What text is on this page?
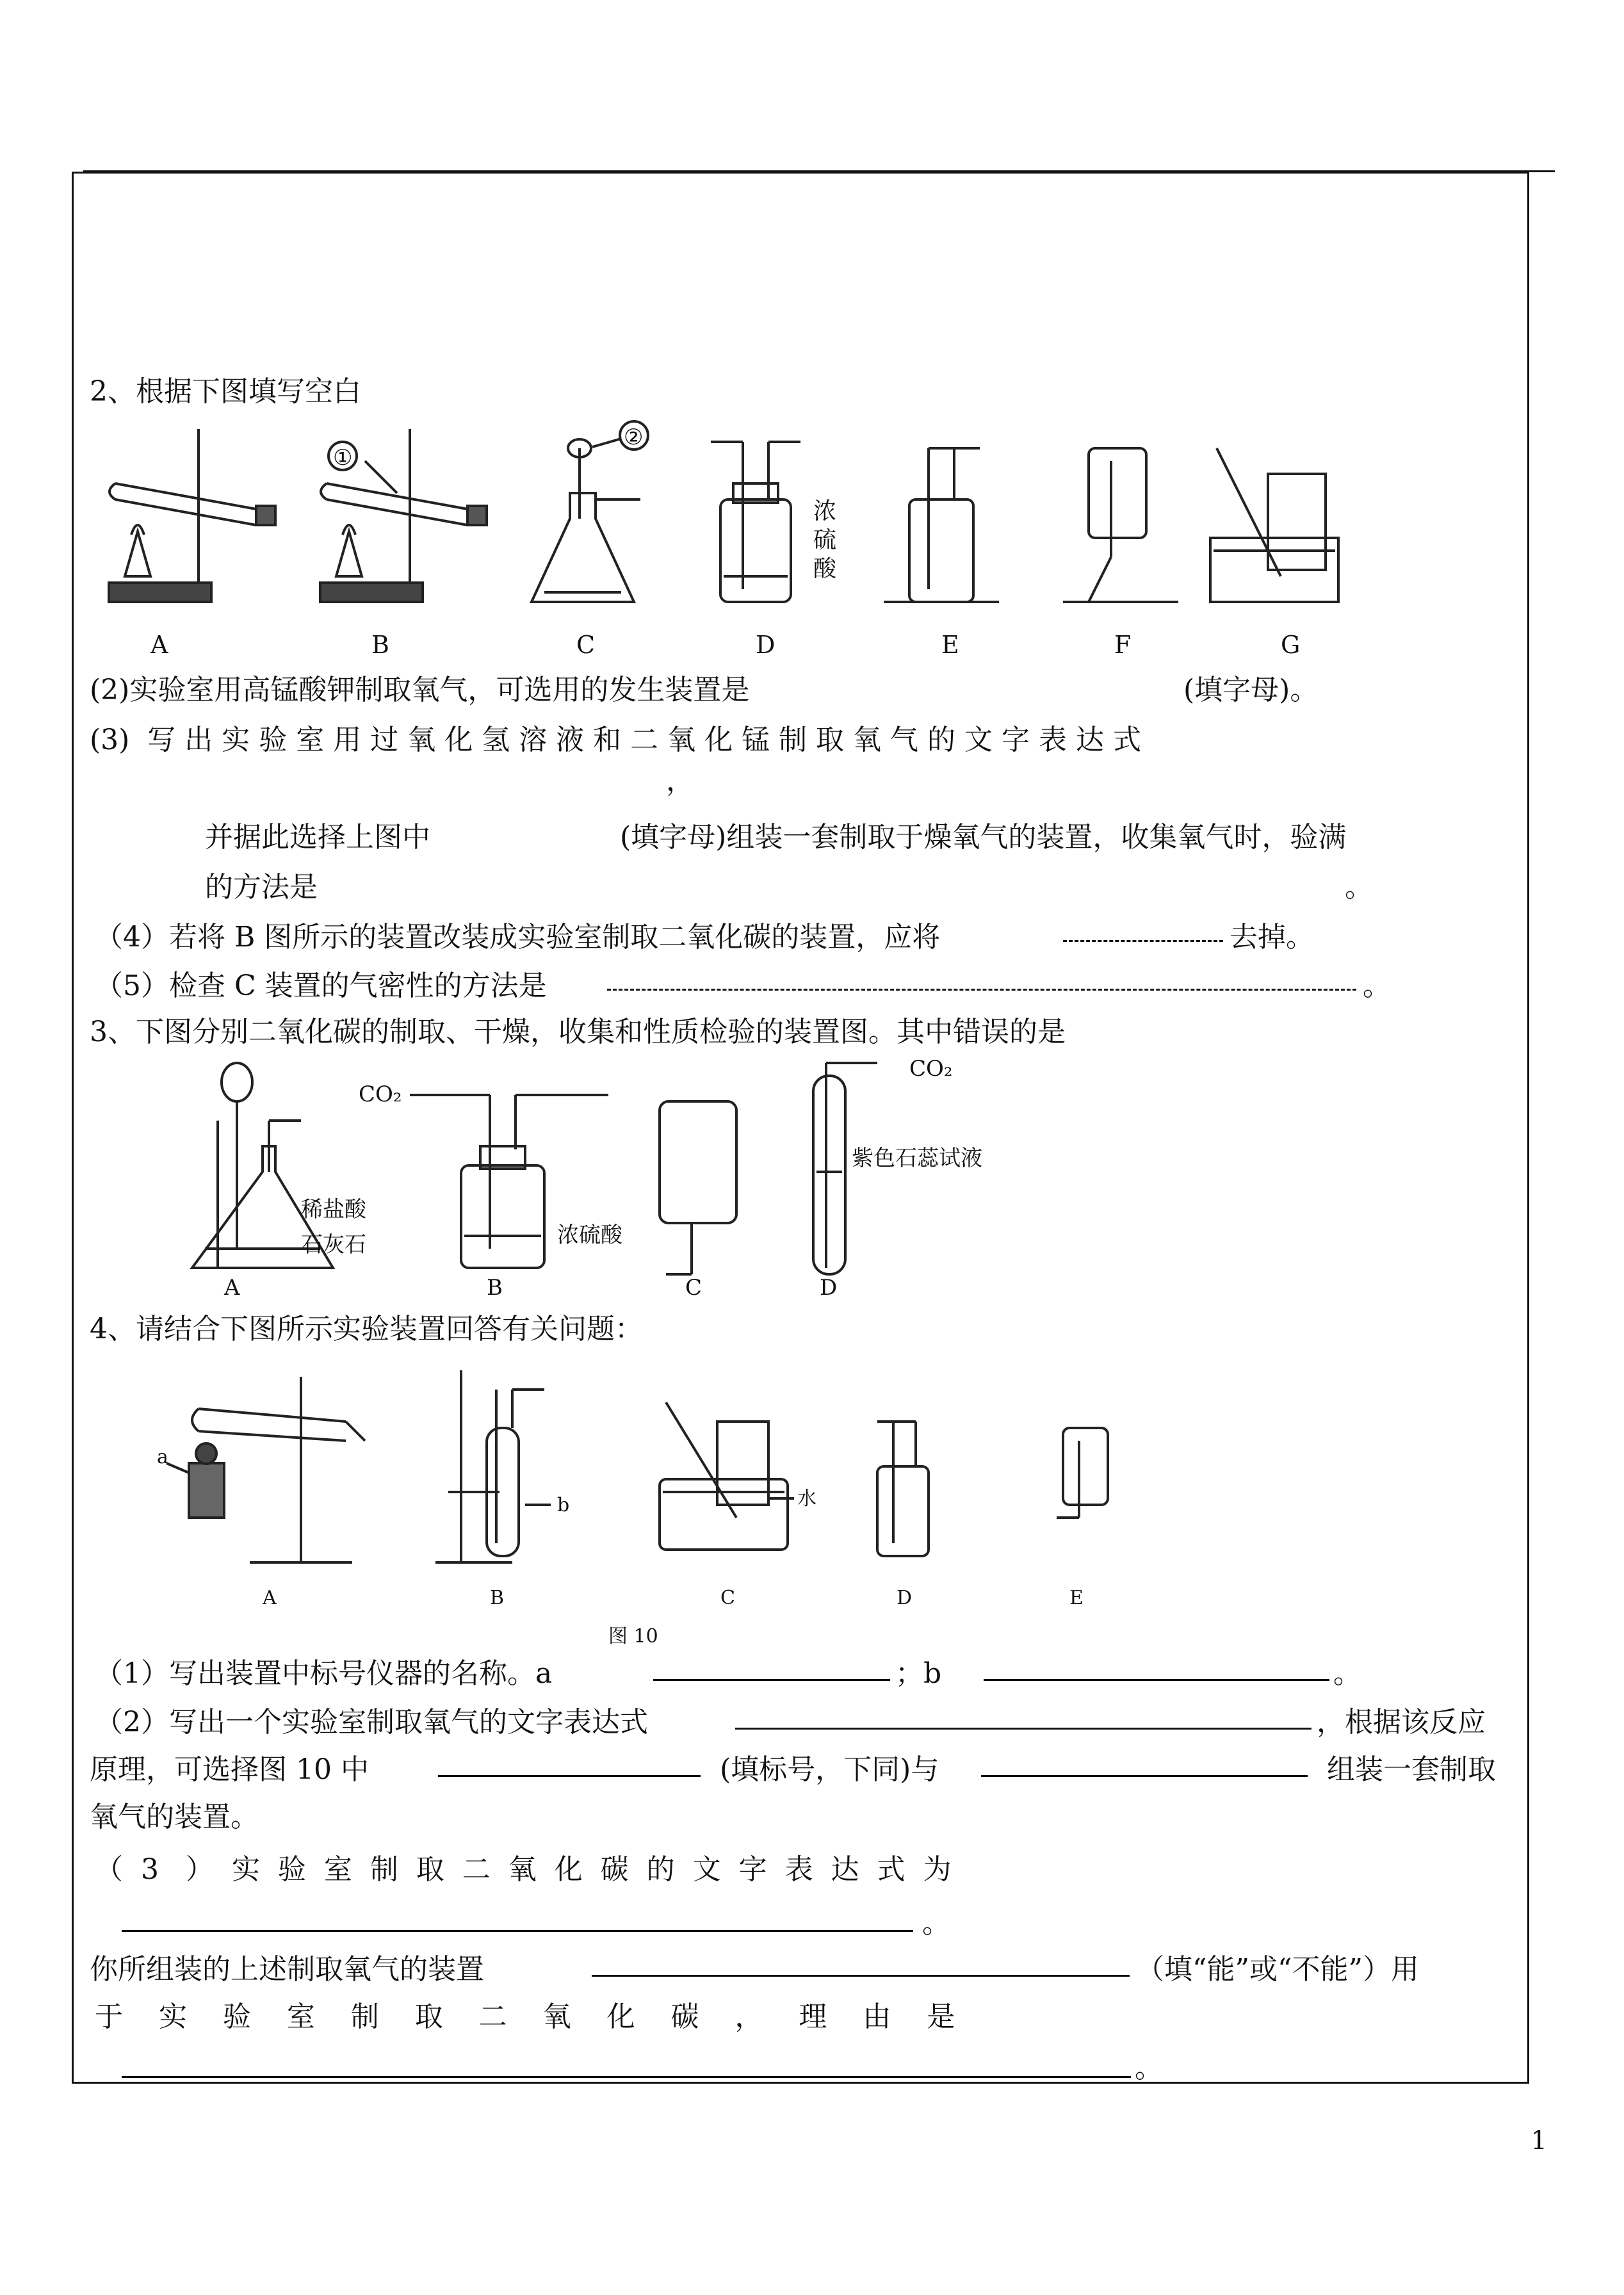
2、根据下图填写空白
A	B	C	D	E	F	G
①
②
浓
硫
酸
(2)实验室用高锰酸钾制取氧气，可选用的发生装置是	(填字母)。
(3)  写 出 实 验 室 用 过 氧 化 氢 溶 液 和 二 氧 化 锰 制 取 氧 气 的 文 字 表 达 式
，
并据此选择上图中	(填字母)组装一套制取于燥氧气的装置，收集氧气时，验满
的方法是	。
（4）若将 B 图所示的装置改装成实验室制取二氧化碳的装置，应将	去掉。
（5）检查 C 装置的气密性的方法是	。
3、下图分别二氧化碳的制取、干燥，收集和性质检验的装置图。其中错误的是
A	B	C	D
CO₂
CO₂
稀盐酸
石灰石	浓硫酸
紫色石蕊试液
4、请结合下图所示实验装置回答有关问题：
A	B	C	D	E
a
b	水
图 10
（1）写出装置中标号仪器的名称。a	；b	。
（2）写出一个实验室制取氧气的文字表达式	，根据该反应
原理，可选择图 10 中	(填标号，下同)与	组装一套制取
氧气的装置。
（  3   ）  实  验  室  制  取  二  氧  化  碳  的  文  字  表  达  式  为
。
你所组装的上述制取氧气的装置	（填“能”或“不能”）用
于    实    验    室    制    取    二    氧    化    碳    ，    理    由    是
。
1
